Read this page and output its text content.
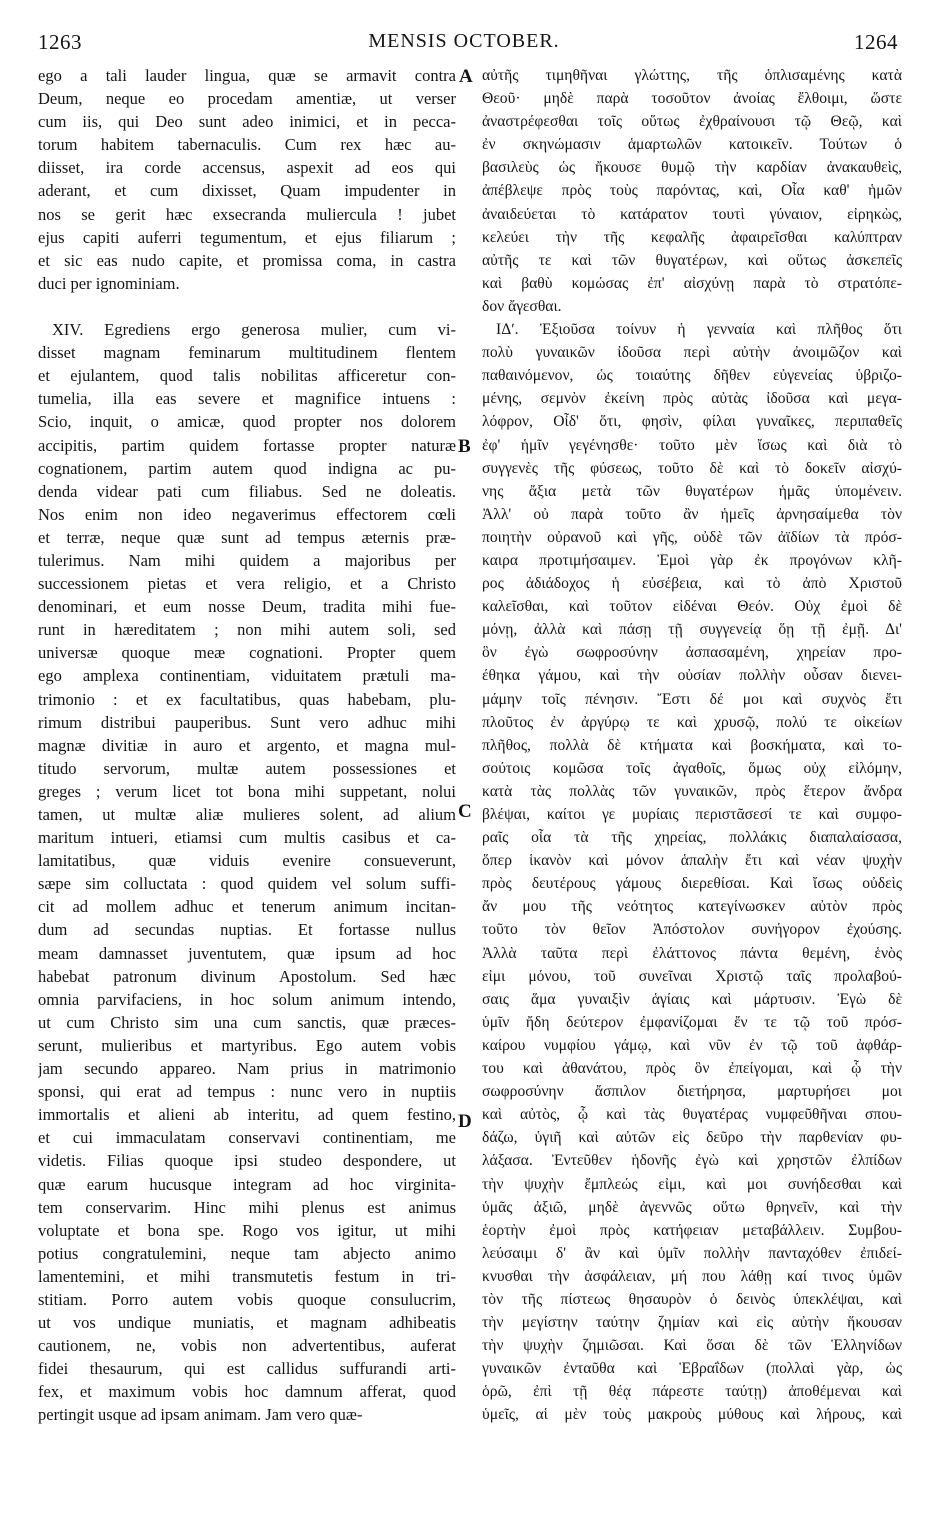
1263	MENSIS OCTOBER.	1264
ego a tali lauder lingua, quæ se armavit contra
Deum, neque eo procedam amentiæ, ut verser
cum iis, qui Deo sunt adeo inimici, et in pecca-
torum habitem tabernaculis. Cum rex hæc au-
diisset, ira corde accensus, aspexit ad eos qui
aderant, et cum dixisset, Quam impudenter in
nos se gerit hæc exsecranda muliercula ! jubet
ejus capiti auferri tegumentum, et ejus filiarum ;
et sic eas nudo capite, et promissa coma, in castra
duci per ignominiam.
XIV. Egrediens ergo generosa mulier, cum vi-
disset magnam feminarum multitudinem flentem
et ejulantem, quod talis nobilitas afficeretur con-
tumelia, illa eas severe et magnifice intuens :
Scio, inquit, o amicæ, quod propter nos dolorem
accipitis, partim quidem fortasse propter naturæ
cognationem, partim autem quod indigna ac pu-
denda videar pati cum filiabus. Sed ne doleatis.
Nos enim non ideo negaverimus effectorem cœli
et terræ, neque quæ sunt ad tempus æternis præ-
tulerimus. Nam mihi quidem a majoribus per
successionem pietas et vera religio, et a Christo
denominari, et eum nosse Deum, tradita mihi fue-
runt in hæreditatem ; non mihi autem soli, sed
universæ quoque meæ cognationi. Propter quem
ego amplexa continentiam, viduitatem prætuli ma-
trimonio : et ex facultatibus, quas habebam, plu-
rimum distribui pauperibus. Sunt vero adhuc mihi
magnæ divitiæ in auro et argento, et magna mul-
titudo servorum, multæ autem possessiones et
greges ; verum licet tot bona mihi suppetant, nolui
tamen, ut multæ aliæ mulieres solent, ad alium
maritum intueri, etiamsi cum multis casibus et ca-
lamitatibus, quæ viduis evenire consueverunt,
sæpe sim colluctata : quod quidem vel solum suffi-
cit ad mollem adhuc et tenerum animum incitan-
dum ad secundas nuptias. Et fortasse nullus
meam damnasset juventutem, quæ ipsum ad hoc
habebat patronum divinum Apostolum. Sed hæc
omnia parvifaciens, in hoc solum animum intendo,
ut cum Christo sim una cum sanctis, quæ præces-
serunt, mulieribus et martyribus. Ego autem vobis
jam secundo appareo. Nam prius in matrimonio
sponsi, qui erat ad tempus : nunc vero in nuptiis
immortalis et alieni ab interitu, ad quem festino,
et cui immaculatam conservavi continentiam, me
videtis. Filias quoque ipsi studeo despondere, ut
quæ earum hucusque integram ad hoc virginita-
tem conservarim. Hinc mihi plenus est animus
voluptate et bona spe. Rogo vos igitur, ut mihi
potius congratulemini, neque tam abjecto animo
lamentemini, et mihi transmutetis festum in tri-
stitiam. Porro autem vobis quoque consulucrim,
ut vos undique muniatis, et magnam adhibeatis
cautionem, ne, vobis non advertentibus, auferat
fidei thesaurum, qui est callidus suffurandi arti-
fex, et maximum vobis hoc damnum afferat, quod
pertingit usque ad ipsam animam. Jam vero quæ-
αὐτῆς τιμηθῆναι γλώττης, τῆς ὁπλισαμένης κατὰ
Θεοῦ· μηδὲ παρὰ τοσοῦτον ἀνοίας ἔλθοιμι, ὥστε
ἀναστρέφεσθαι τοῖς οὕτως ἐχθραίνουσι τῷ Θεῷ, καὶ
ἐν σκηνώμασιν ἁμαρτωλῶν κατοικεῖν. Τούτων ὁ
βασιλεὺς ὡς ἤκουσε θυμῷ τὴν καρδίαν ἀνακαυθεὶς,
ἀπέβλεψε πρὸς τοὺς παρόντας, καὶ, Οἷα καθ' ἡμῶν
ἀναιδεύεται τὸ κατάρατον τουτὶ γύναιον, εἰρηκὼς,
κελεύει τὴν τῆς κεφαλῆς ἀφαιρεῖσθαι καλύπτραν
αὐτῆς τε καὶ τῶν θυγατέρων, καὶ οὕτως ἀσκεπεῖς
καὶ βαθὺ κομώσας ἐπ' αἰσχύνῃ παρὰ τὸ στρατόπε-
δον ἄγεσθαι.
ΙΔʹ. Ἐξιοῦσα τοίνυν ἡ γενναία καὶ πλῆθος ὅτι
πολὺ γυναικῶν ἰδοῦσα περὶ αὐτὴν ἀνοιμῶζον καὶ
παθαινόμενον, ὡς τοιαύτης δῆθεν εὐγενείας ὑβριζο-
μένης, σεμνὸν ἐκείνη πρὸς αὐτὰς ἰδοῦσα καὶ μεγα-
λόφρον, Οἶδ' ὅτι, φησὶν, φίλαι γυναῖκες, περιπαθεῖς
ἐφ' ἡμῖν γεγένησθε· τοῦτο μὲν ἴσως καὶ διὰ τὸ
συγγενὲς τῆς φύσεως, τοῦτο δὲ καὶ τὸ δοκεῖν αἰσχύ-
νης ἄξια μετὰ τῶν θυγατέρων ἡμᾶς ὑπομένειν.
Ἀλλ' οὐ παρὰ τοῦτο ἂν ἡμεῖς ἀρνησαίμεθα τὸν
ποιητὴν οὐρανοῦ καὶ γῆς, οὐδὲ τῶν ἀϊδίων τὰ πρόσ-
καιρα προτιμήσαιμεν. Ἐμοὶ γὰρ ἐκ προγόνων κλῆ-
ρος ἀδιάδοχος ἡ εὐσέβεια, καὶ τὸ ἀπὸ Χριστοῦ
καλεῖσθαι, καὶ τοῦτον εἰδέναι Θεόν. Οὐχ ἐμοὶ δὲ
μόνῃ, ἀλλὰ καὶ πάσῃ τῇ συγγενείᾳ ὅῃ τῇ ἐμῇ. Δι'
ὃν ἐγὼ σωφροσύνην ἀσπασαμένη, χηρείαν προ-
έθηκα γάμου, καὶ τὴν οὐσίαν πολλὴν οὖσαν διενει-
μάμην τοῖς πένησιν. Ἔστι δέ μοι καὶ συχνὸς ἔτι
πλοῦτος ἐν ἀργύρῳ τε καὶ χρυσῷ, πολύ τε οἰκείων
πλῆθος, πολλὰ δὲ κτήματα καὶ βοσκήματα, καὶ το-
σούτοις κομῶσα τοῖς ἀγαθοῖς, ὅμως οὐχ εἰλόμην,
κατὰ τὰς πολλὰς τῶν γυναικῶν, πρὸς ἕτερον ἄνδρα
βλέψαι, καίτοι γε μυρίαις περιστᾶσεσί τε καὶ συμφο-
ραῖς οἷα τὰ τῆς χηρείας, πολλάκις διαπαλαίσασα,
ὅπερ ἱκανὸν καὶ μόνον ἁπαλὴν ἔτι καὶ νέαν ψυχὴν
πρὸς δευτέρους γάμους διερεθίσαι. Καὶ ἴσως οὐδεὶς
ἄν μου τῆς νεότητος κατεγίνωσκεν αὐτὸν πρὸς
τοῦτο τὸν θεῖον Ἀπόστολον συνήγορον ἐχούσης.
Ἀλλὰ ταῦτα περὶ ἐλάττονος πάντα θεμένη, ἑνὸς
εἰμι μόνου, τοῦ συνεῖναι Χριστῷ ταῖς προλαβού-
σαις ἅμα γυναιξὶν ἁγίαις καὶ μάρτυσιν. Ἐγὼ δὲ
ὑμῖν ἤδη δεύτερον ἐμφανίζομαι ἔν τε τῷ τοῦ πρόσ-
καίρου νυμφίου γάμῳ, καὶ νῦν ἐν τῷ τοῦ ἀφθάρ-
του καὶ ἀθανάτου, πρὸς ὃν ἐπείγομαι, καὶ ᾧ τὴν
σωφροσύνην ἄσπιλον διετήρησα, μαρτυρήσει μοι
καὶ αὐτὸς, ᾧ καὶ τὰς θυγατέρας νυμφεῦθῆναι σπου-
δάζω, ὑγιῆ καὶ αὐτῶν εἰς δεῦρο τὴν παρθενίαν φυ-
λάξασα. Ἐντεῦθεν ἡδονῆς ἐγὼ καὶ χρηστῶν ἐλπίδων
τὴν ψυχὴν ἔμπλεώς εἰμι, καὶ μοι συνήδεσθαι καὶ
ὑμᾶς ἀξιῶ, μηδὲ ἀγεννῶς οὕτω θρηνεῖν, καὶ τὴν
ἑορτὴν ἐμοὶ πρὸς κατήφειαν μεταβάλλειν. Συμβου-
λεύσαιμι δ' ἂν καὶ ὑμῖν πολλὴν πανταχόθεν ἐπιδεί-
κνυσθαι τὴν ἀσφάλειαν, μή που λάθῃ καί τινος ὑμῶν
τὸν τῆς πίστεως θησαυρὸν ὁ δεινὸς ὑπεκλέψαι, καὶ
τὴν μεγίστην ταύτην ζημίαν καὶ εἰς αὐτὴν ἥκουσαν
τὴν ψυχὴν ζημιῶσαι. Καὶ ὅσαι δὲ τῶν Ἑλληνίδων
γυναικῶν ἐνταῦθα καὶ Ἑβραΐδων (πολλαὶ γὰρ, ὡς
ὁρῶ, ἐπὶ τῇ θέᾳ πάρεστε ταύτῃ) ἀποθέμεναι καὶ
ὑμεῖς, αἱ μὲν τοὺς μακροὺς μύθους καὶ λήρους, καὶ
A
B
C
D
